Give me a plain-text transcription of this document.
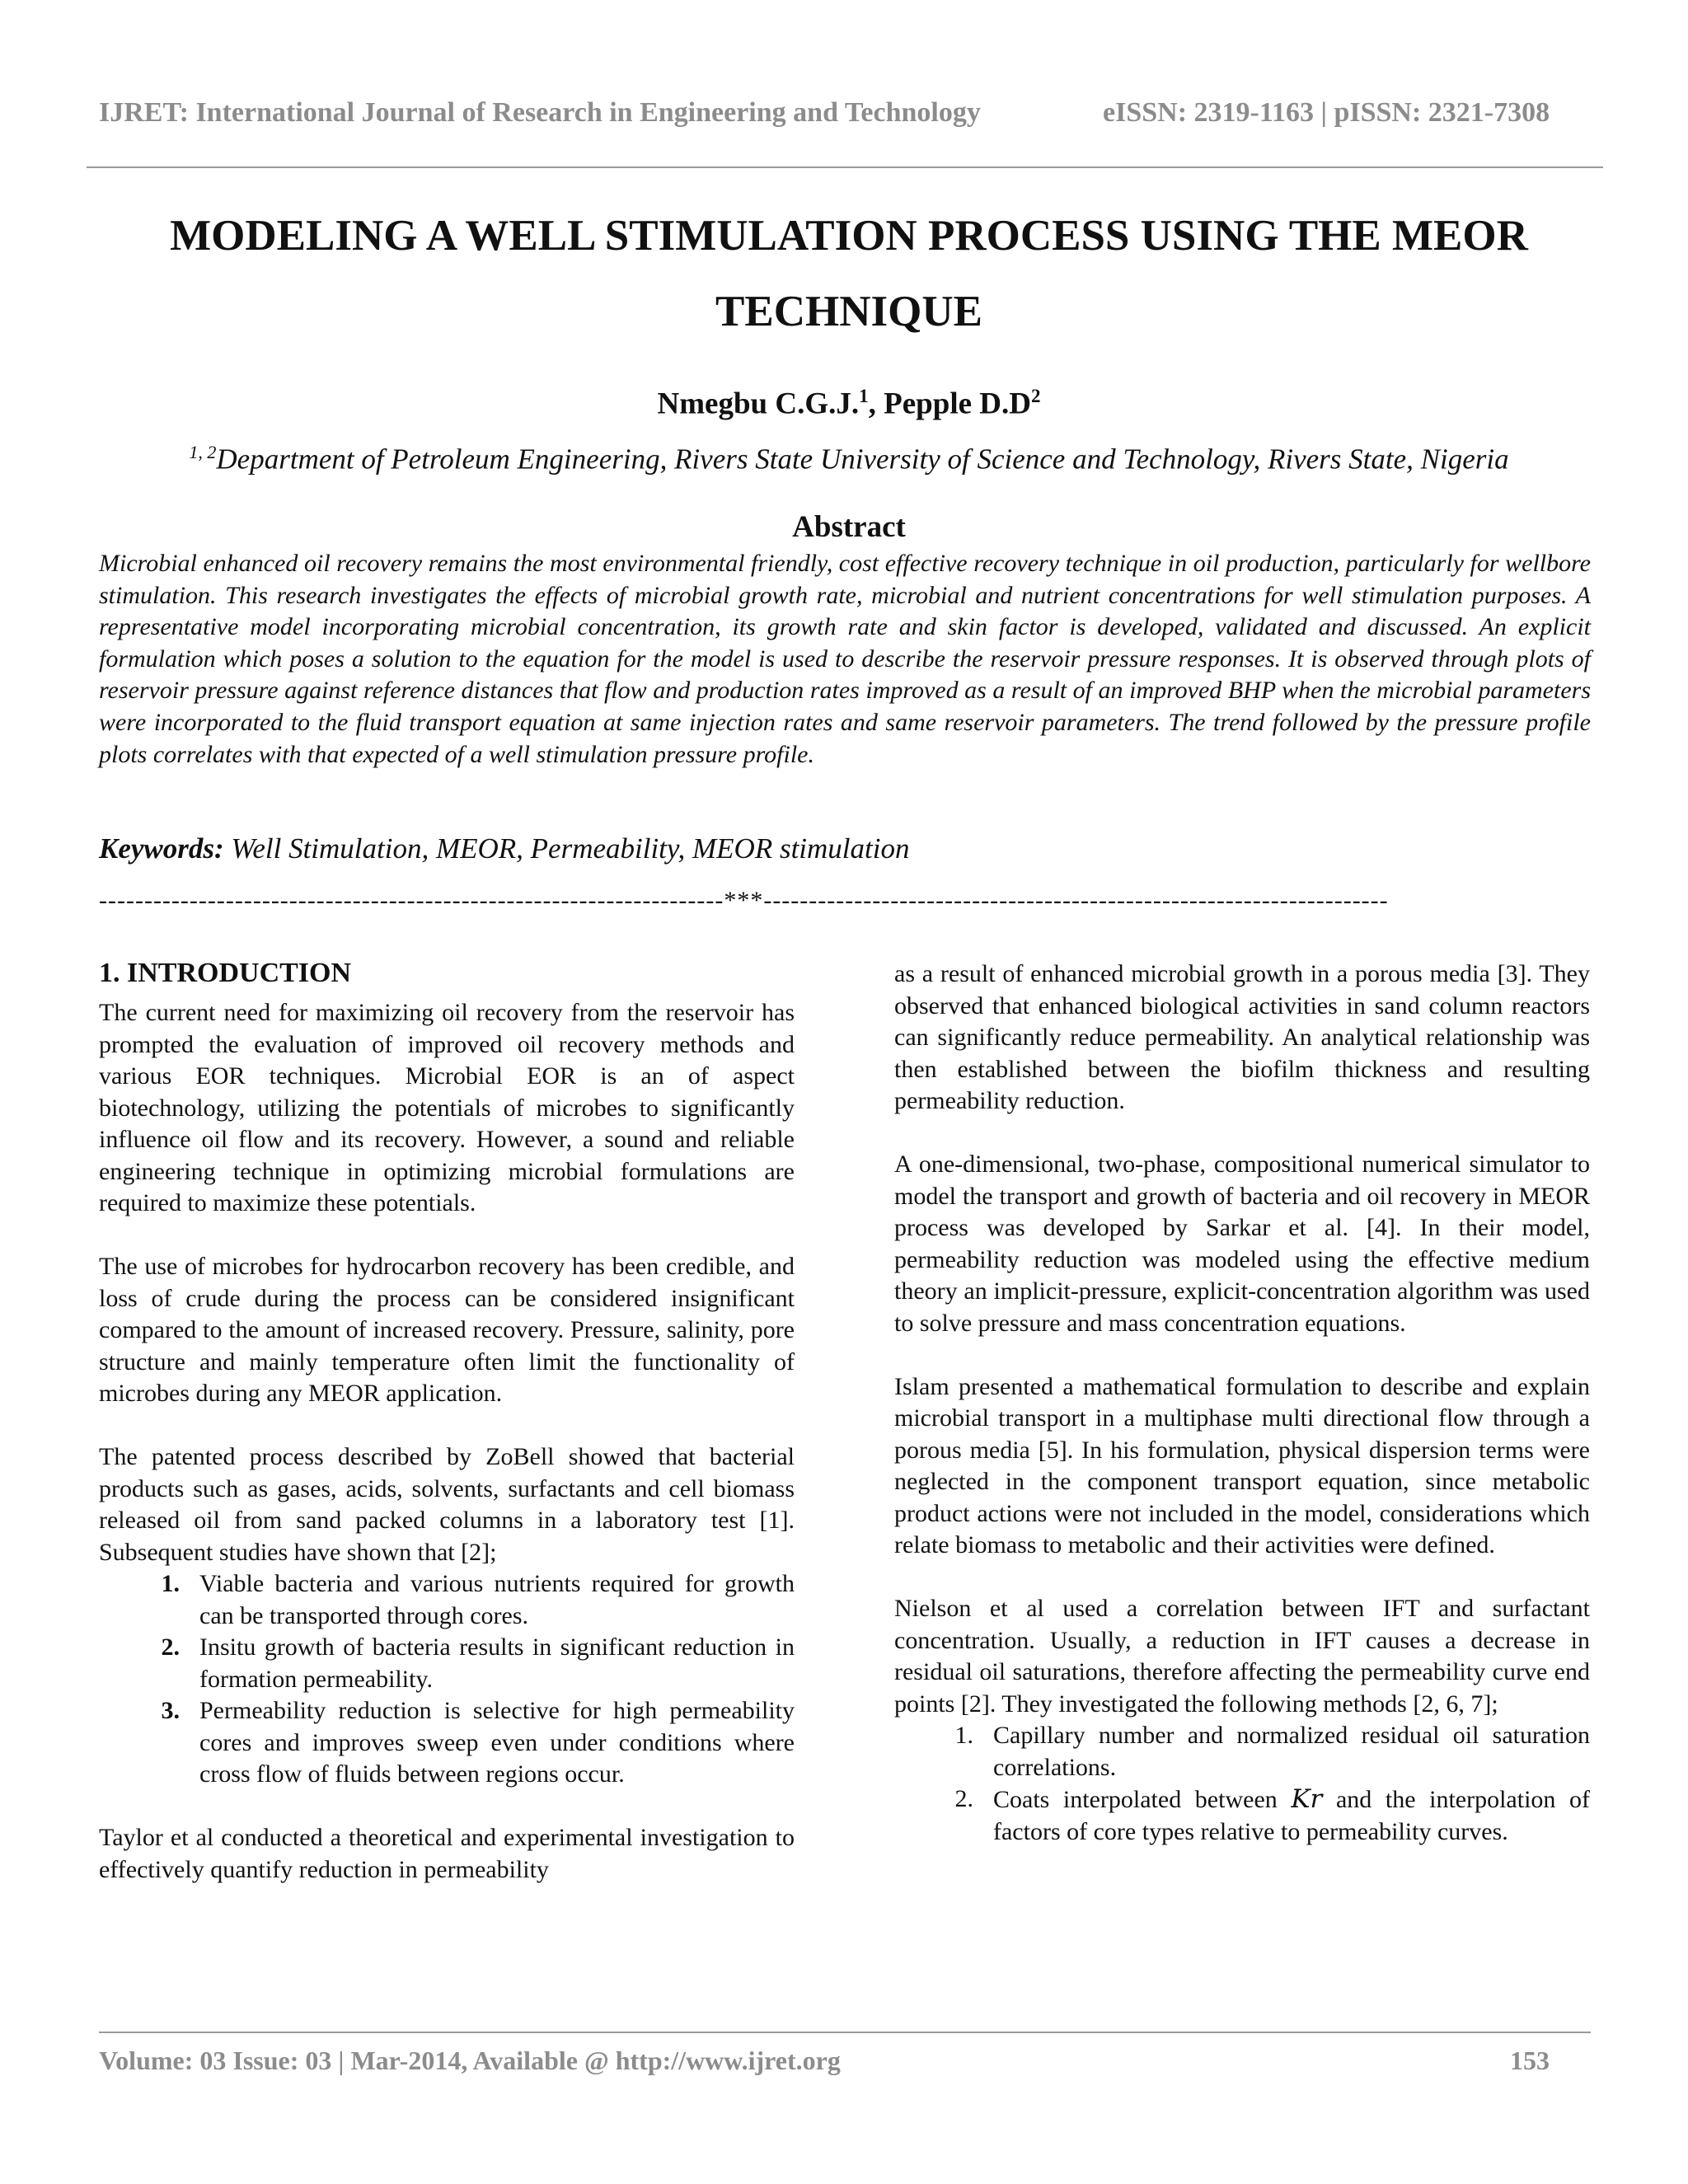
IJRET: International Journal of Research in Engineering and Technology	eISSN: 2319-1163 | pISSN: 2321-7308
MODELING A WELL STIMULATION PROCESS USING THE MEOR TECHNIQUE
Nmegbu C.G.J.$^1$, Pepple $D.D^2$
$^{1, 2}$Department of Petroleum Engineering, Rivers State University of Science and Technology, Rivers State, Nigeria
Abstract
Microbial enhanced oil recovery remains the most environmental friendly, cost effective recovery technique in oil production, particularly for wellbore stimulation. This research investigates the effects of microbial growth rate, microbial and nutrient concentrations for well stimulation purposes. A representative model incorporating microbial concentration, its growth rate and skin factor is developed, validated and discussed. An explicit formulation which poses a solution to the equation for the model is used to describe the reservoir pressure responses. It is observed through plots of reservoir pressure against reference distances that flow and production rates improved as a result of an improved BHP when the microbial parameters were incorporated to the fluid transport equation at same injection rates and same reservoir parameters. The trend followed by the pressure profile plots correlates with that expected of a well stimulation pressure profile.
Keywords: Well Stimulation, MEOR, Permeability, MEOR stimulation
---------------------------------------------------------------------***---------------------------------------------------------------------
1. INTRODUCTION

The current need for maximizing oil recovery from the reservoir has prompted the evaluation of improved oil recovery methods and various EOR techniques. Microbial EOR is an of aspect biotechnology, utilizing the potentials of microbes to significantly influence oil flow and its recovery. However, a sound and reliable engineering technique in optimizing microbial formulations are required to maximize these potentials.

The use of microbes for hydrocarbon recovery has been credible, and loss of crude during the process can be considered insignificant compared to the amount of increased recovery. Pressure, salinity, pore structure and mainly temperature often limit the functionality of microbes during any MEOR application.

The patented process described by ZoBell showed that bacterial products such as gases, acids, solvents, surfactants and cell biomass released oil from sand packed columns in a laboratory test [1]. Subsequent studies have shown that [2];

1. Viable bacteria and various nutrients required for growth can be transported through cores.
2. Insitu growth of bacteria results in significant reduction in formation permeability.
3. Permeability reduction is selective for high permeability cores and improves sweep even under conditions where cross flow of fluids between regions occur.

Taylor et al conducted a theoretical and experimental investigation to effectively quantify reduction in permeability

as a result of enhanced microbial growth in a porous media [3]. They observed that enhanced biological activities in sand column reactors can significantly reduce permeability. An analytical relationship was then established between the biofilm thickness and resulting permeability reduction.

A one-dimensional, two-phase, compositional numerical simulator to model the transport and growth of bacteria and oil recovery in MEOR process was developed by Sarkar et al. [4]. In their model, permeability reduction was modeled using the effective medium theory an implicit-pressure, explicit-concentration algorithm was used to solve pressure and mass concentration equations.

Islam presented a mathematical formulation to describe and explain microbial transport in a multiphase multi directional flow through a porous media [5]. In his formulation, physical dispersion terms were neglected in the component transport equation, since metabolic product actions were not included in the model, considerations which relate biomass to metabolic and their activities were defined.

Nielson et al used a correlation between IFT and surfactant concentration. Usually, a reduction in IFT causes a decrease in residual oil saturations, therefore affecting the permeability curve end points [2]. They investigated the following methods [2, 6, 7];

1. Capillary number and normalized residual oil saturation correlations.
2. Coats interpolated between Kr and the interpolation of factors of core types relative to permeability curves.
Volume: 03 Issue: 03 | Mar-2014, Available @ http://www.ijret.org	153
